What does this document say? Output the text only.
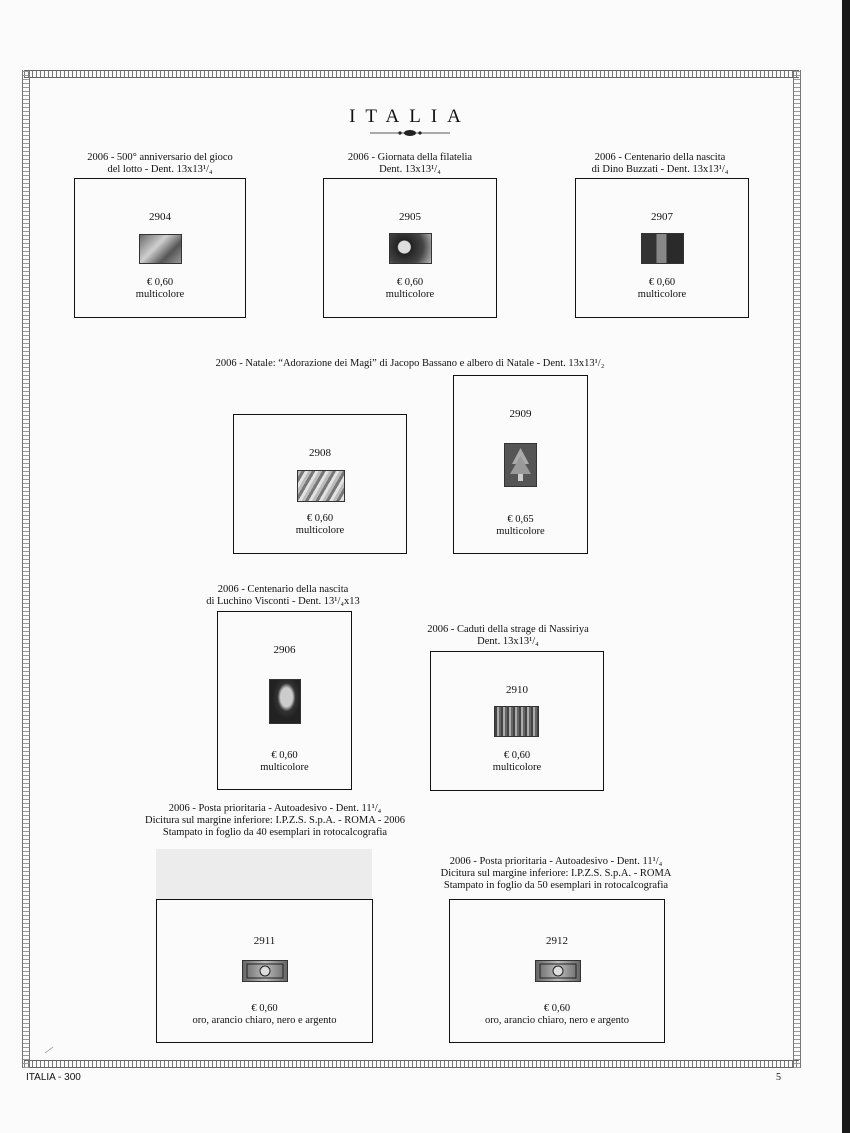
ITALIA
2006 - 500° anniversario del gioco
del lotto - Dent. 13x13¹/₄
2904
€ 0,60
multicolore
2006 - Giornata della filatelia
Dent. 13x13¹/₄
2905
€ 0,60
multicolore
2006 - Centenario della nascita
di Dino Buzzati - Dent. 13x13¹/₄
2907
€ 0,60
multicolore
2006 - Natale: “Adorazione dei Magi” di Jacopo Bassano e albero di Natale - Dent. 13x13¹/₂
2908
€ 0,60
multicolore
2909
€ 0,65
multicolore
2006 - Centenario della nascita
di Luchino Visconti - Dent. 13¹/₄x13
2906
€ 0,60
multicolore
2006 - Caduti della strage di Nassiriya
Dent. 13x13¹/₄
2910
€ 0,60
multicolore
2006 - Posta prioritaria - Autoadesivo - Dent. 11¹/₄
Dicitura sul margine inferiore: I.P.Z.S. S.p.A. - ROMA - 2006
Stampato in foglio da 40 esemplari in rotocalcografia
2911
€ 0,60
oro, arancio chiaro, nero e argento
2006 - Posta prioritaria - Autoadesivo - Dent. 11¹/₄
Dicitura sul margine inferiore: I.P.Z.S. S.p.A. - ROMA
Stampato in foglio da 50 esemplari in rotocalcografia
2912
€ 0,60
oro, arancio chiaro, nero e argento
ITALIA - 300	5
